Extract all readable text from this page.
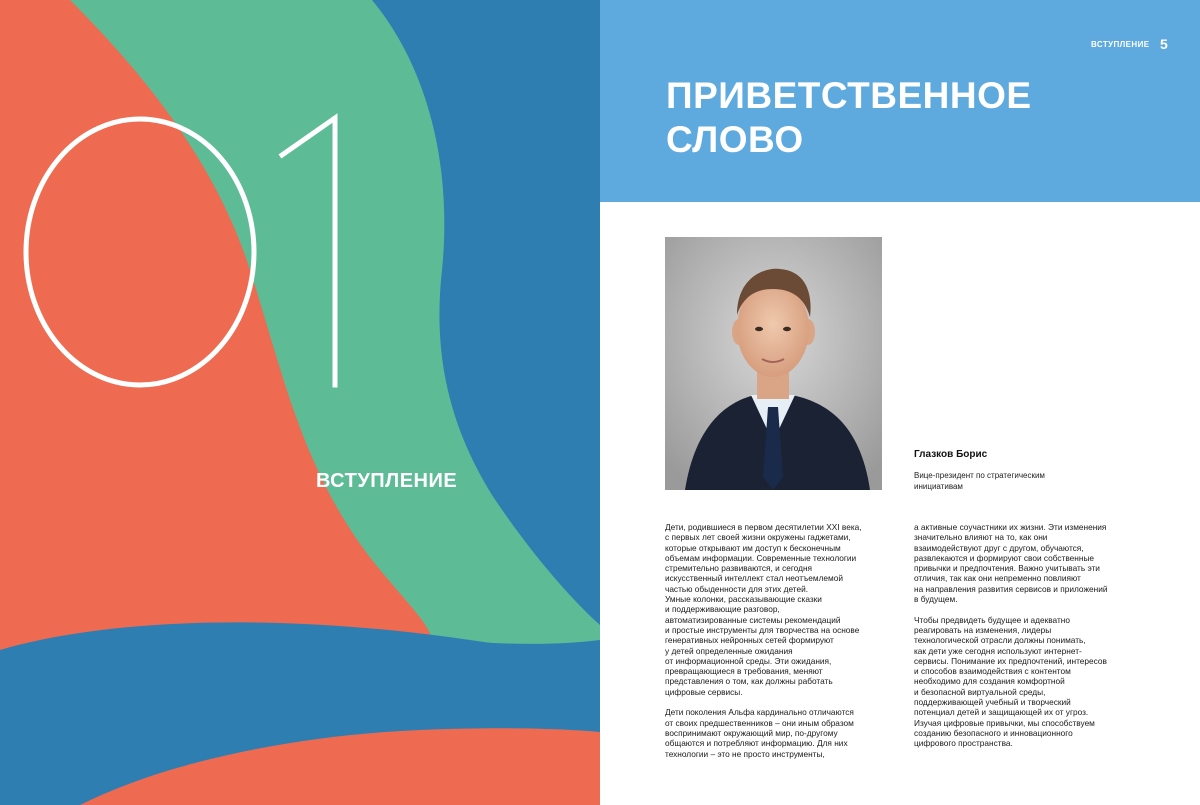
ВСТУПЛЕНИЕ
ВСТУПЛЕНИЕ 5
ПРИВЕТСТВЕННОЕ
СЛОВО
Глазков Борис
Вице-президент по стратегическим
инициативам

Дети, родившиеся в первом десятилетии XXI века,
с первых лет своей жизни окружены гаджетами,
которые открывают им доступ к бесконечным
объемам информации. Современные технологии
стремительно развиваются, и сегодня
искусственный интеллект стал неотъемлемой
частью обыденности для этих детей.
Умные колонки, рассказывающие сказки
и поддерживающие разговор,
автоматизированные системы рекомендаций
и простые инструменты для творчества на основе
генеративных нейронных сетей формируют
у детей определенные ожидания
от информационной среды. Эти ожидания,
превращающиеся в требования, меняют
представления о том, как должны работать
цифровые сервисы.

Дети поколения Альфа кардинально отличаются
от своих предшественников – они иным образом
воспринимают окружающий мир, по-другому
общаются и потребляют информацию. Для них
технологии – это не просто инструменты,

а активные соучастники их жизни. Эти изменения
значительно влияют на то, как они
взаимодействуют друг с другом, обучаются,
развлекаются и формируют свои собственные
привычки и предпочтения. Важно учитывать эти
отличия, так как они непременно повлияют
на направления развития сервисов и приложений
в будущем.

Чтобы предвидеть будущее и адекватно
реагировать на изменения, лидеры
технологической отрасли должны понимать,
как дети уже сегодня используют интернет-
сервисы. Понимание их предпочтений, интересов
и способов взаимодействия с контентом
необходимо для создания комфортной
и безопасной виртуальной среды,
поддерживающей учебный и творческий
потенциал детей и защищающей их от угроз.
Изучая цифровые привычки, мы способствуем
созданию безопасного и инновационного
цифрового пространства.
